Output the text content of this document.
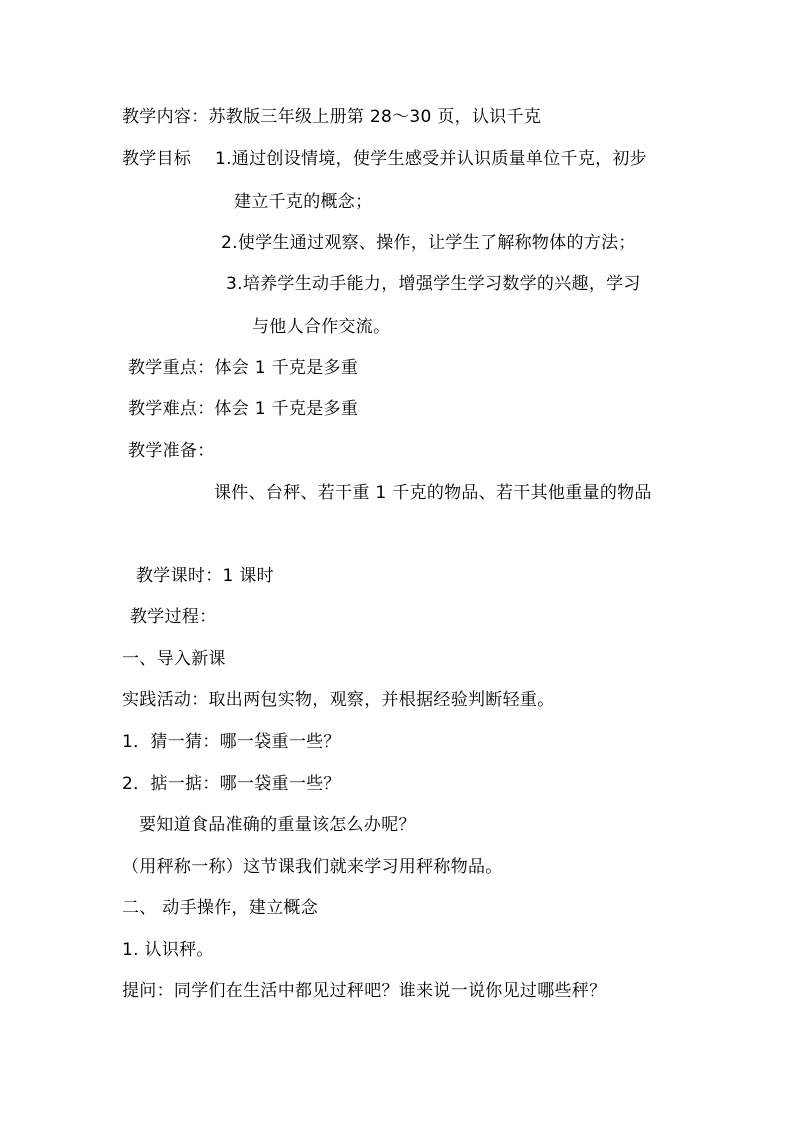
教学内容：苏教版三年级上册第 28～30 页，认识千克
教学目标 1.通过创设情境，使学生感受并认识质量单位千克，初步
建立千克的概念；
2.使学生通过观察、操作，让学生了解称物体的方法；
3.培养学生动手能力，增强学生学习数学的兴趣，学习
与他人合作交流。
教学重点：体会 1 千克是多重
教学难点：体会 1 千克是多重
教学准备：
课件、台秤、若干重 1 千克的物品、若干其他重量的物品
教学课时：1 课时
教学过程：
一、导入新课
实践活动：取出两包实物，观察，并根据经验判断轻重。
1．猜一猜：哪一袋重一些？
2．掂一掂：哪一袋重一些？
要知道食品准确的重量该怎么办呢？
（用秤称一称）这节课我们就来学习用秤称物品。
二、 动手操作，建立概念
1. 认识秤。
提问：同学们在生活中都见过秤吧？谁来说一说你见过哪些秤？
